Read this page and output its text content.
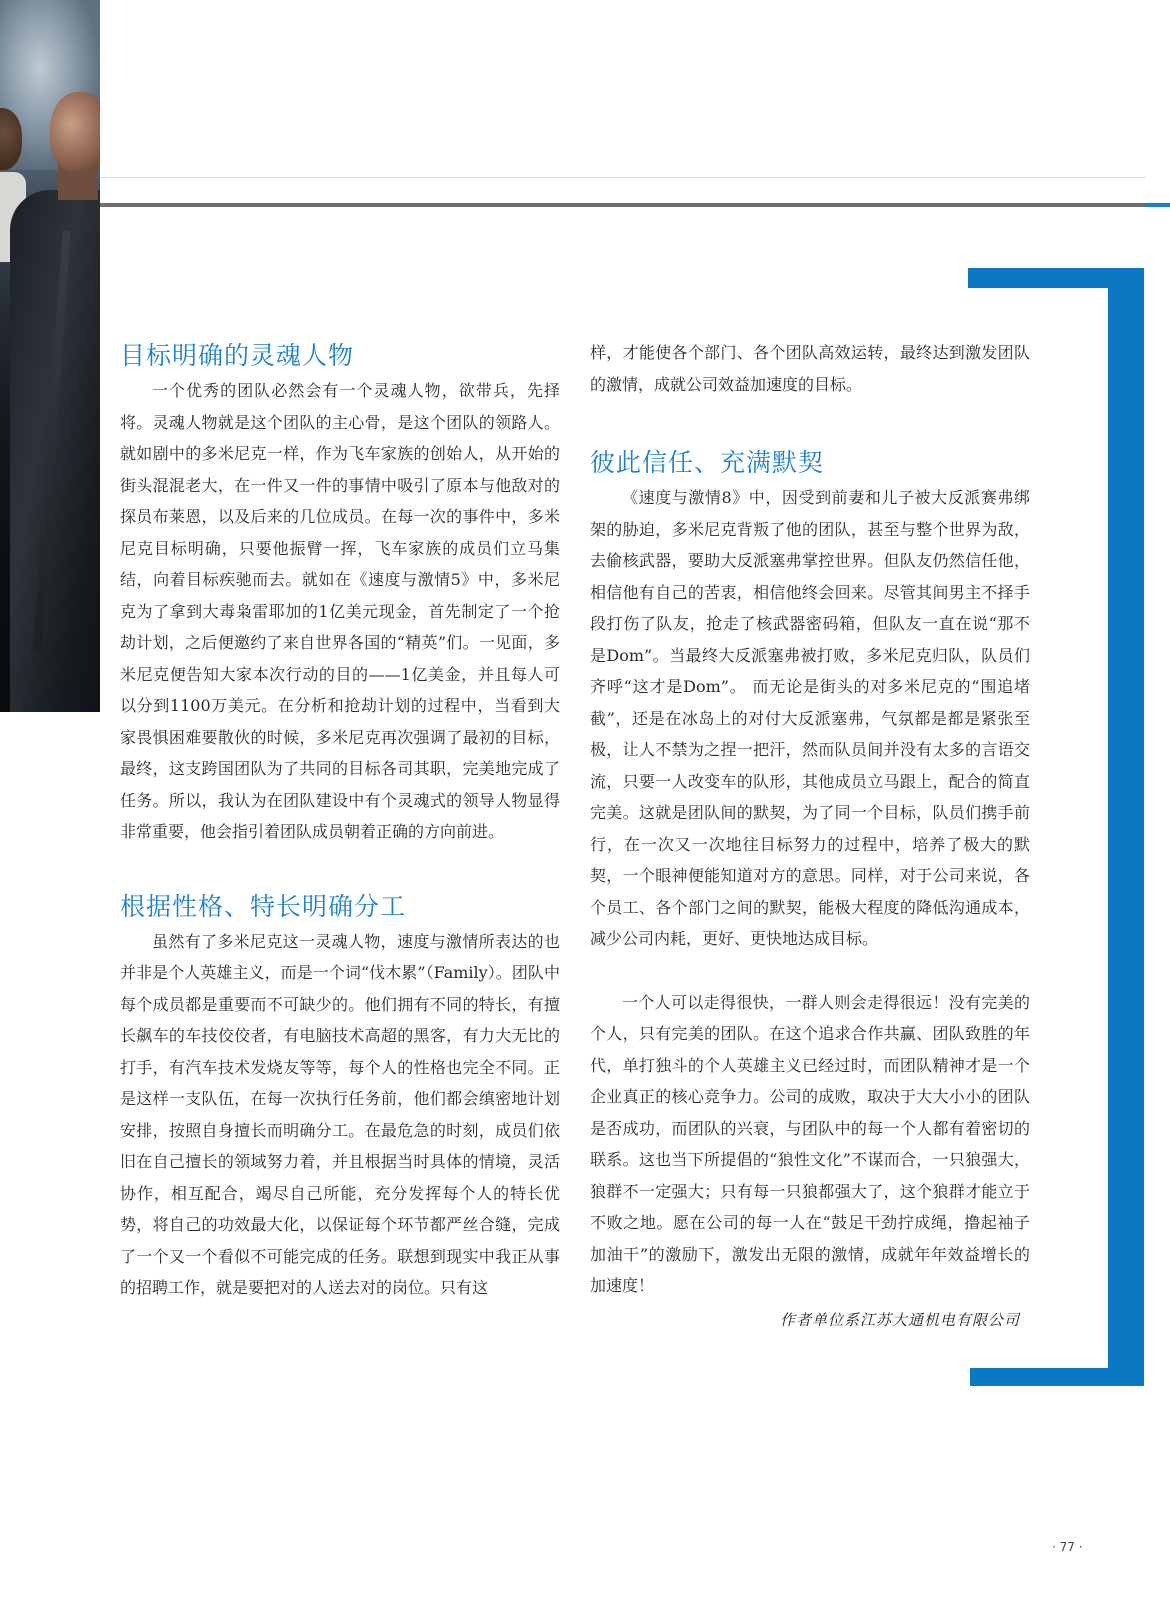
目标明确的灵魂人物

一个优秀的团队必然会有一个灵魂人物，欲带兵，先择将。灵魂人物就是这个团队的主心骨，是这个团队的领路人。就如剧中的多米尼克一样，作为飞车家族的创始人，从开始的街头混混老大，在一件又一件的事情中吸引了原本与他敌对的探员布莱恩，以及后来的几位成员。在每一次的事件中，多米尼克目标明确，只要他振臂一挥，飞车家族的成员们立马集结，向着目标疾驰而去。就如在《速度与激情5》中，多米尼克为了拿到大毒枭雷耶加的1亿美元现金，首先制定了一个抢劫计划，之后便邀约了来自世界各国的“精英”们。一见面，多米尼克便告知大家本次行动的目的——1亿美金，并且每人可以分到1100万美元。在分析和抢劫计划的过程中，当看到大家畏惧困难要散伙的时候，多米尼克再次强调了最初的目标，最终，这支跨国团队为了共同的目标各司其职，完美地完成了任务。所以，我认为在团队建设中有个灵魂式的领导人物显得非常重要，他会指引着团队成员朝着正确的方向前进。

根据性格、特长明确分工

虽然有了多米尼克这一灵魂人物，速度与激情所表达的也并非是个人英雄主义，而是一个词“伐木累”（Family）。团队中每个成员都是重要而不可缺少的。他们拥有不同的特长，有擅长飙车的车技佼佼者，有电脑技术高超的黑客，有力大无比的打手，有汽车技术发烧友等等，每个人的性格也完全不同。正是这样一支队伍，在每一次执行任务前，他们都会缜密地计划安排，按照自身擅长而明确分工。在最危急的时刻，成员们依旧在自己擅长的领域努力着，并且根据当时具体的情境，灵活协作，相互配合，竭尽自己所能，充分发挥每个人的特长优势，将自己的功效最大化，以保证每个环节都严丝合缝，完成了一个又一个看似不可能完成的任务。联想到现实中我正从事的招聘工作，就是要把对的人送去对的岗位。只有这

样，才能使各个部门、各个团队高效运转，最终达到激发团队的激情，成就公司效益加速度的目标。

彼此信任、充满默契

《速度与激情8》中，因受到前妻和儿子被大反派赛弗绑架的胁迫，多米尼克背叛了他的团队，甚至与整个世界为敌，去偷核武器，要助大反派塞弗掌控世界。但队友仍然信任他，相信他有自己的苦衷，相信他终会回来。尽管其间男主不择手段打伤了队友，抢走了核武器密码箱，但队友一直在说“那不是Dom”。当最终大反派塞弗被打败，多米尼克归队，队员们齐呼“这才是Dom”。 而无论是街头的对多米尼克的“围追堵截”，还是在冰岛上的对付大反派塞弗，气氛都是都是紧张至极，让人不禁为之捏一把汗，然而队员间并没有太多的言语交流，只要一人改变车的队形，其他成员立马跟上，配合的简直完美。这就是团队间的默契，为了同一个目标，队员们携手前行，在一次又一次地往目标努力的过程中，培养了极大的默契，一个眼神便能知道对方的意思。同样，对于公司来说，各个员工、各个部门之间的默契，能极大程度的降低沟通成本，减少公司内耗，更好、更快地达成目标。

一个人可以走得很快，一群人则会走得很远！没有完美的个人，只有完美的团队。在这个追求合作共赢、团队致胜的年代，单打独斗的个人英雄主义已经过时，而团队精神才是一个企业真正的核心竞争力。公司的成败，取决于大大小小的团队是否成功，而团队的兴衰，与团队中的每一个人都有着密切的联系。这也当下所提倡的“狼性文化”不谋而合，一只狼强大，狼群不一定强大；只有每一只狼都强大了，这个狼群才能立于不败之地。愿在公司的每一人在“鼓足干劲拧成绳，撸起袖子加油干”的激励下，激发出无限的激情，成就年年效益增长的加速度！

作者单位系江苏大通机电有限公司

· 77 ·
